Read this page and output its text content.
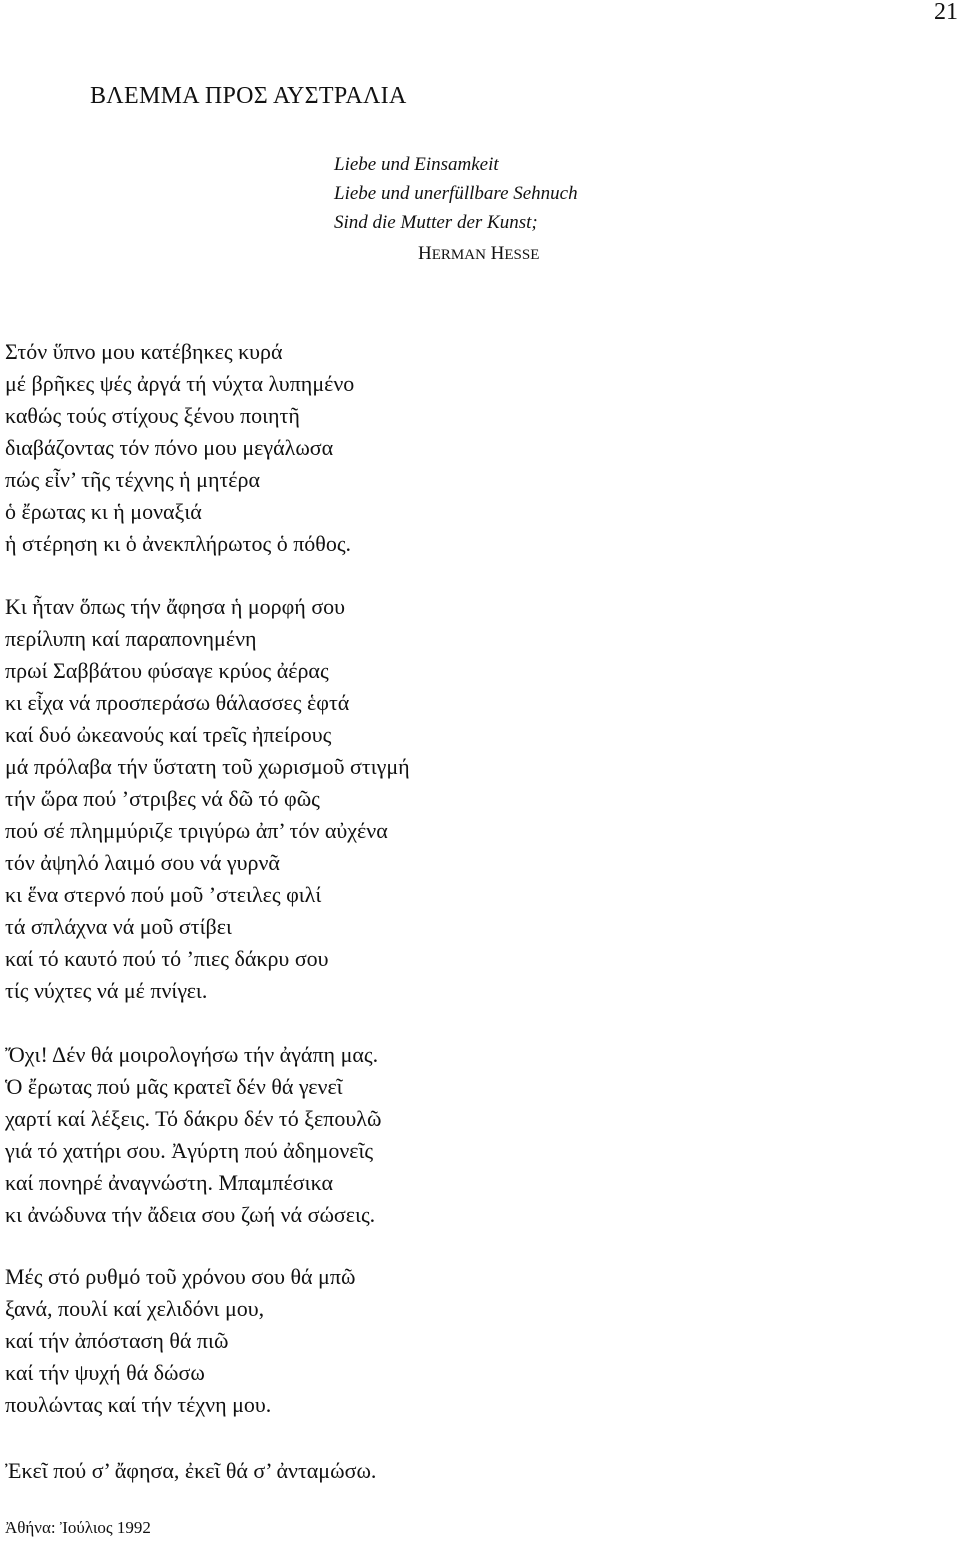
21
ΒΛΕΜΜΑ ΠΡΟΣ ΑΥΣΤΡΑΛΙΑ
Liebe und Einsamkeit
Liebe und unerfüllbare Sehnuch
Sind die Mutter der Kunst;
HERMAN HESSE
Στόν ὕπνο μου κατέβηκες κυρά
μέ βρῆκες ψές ἀργά τή νύχτα λυπημένο
καθώς τούς στίχους ξένου ποιητῆ
διαβάζοντας τόν πόνο μου μεγάλωσα
πώς εἶν’ τῆς τέχνης ἡ μητέρα
ὁ ἔρωτας κι ἡ μοναξιά
ἡ στέρηση κι ὁ ἀνεκπλήρωτος ὁ πόθος.
Κι ἦταν ὅπως τήν ἄφησα ἡ μορφή σου
περίλυπη καί παραπονημένη
πρωί Σαββάτου φύσαγε κρύος ἀέρας
κι εἶχα νά προσπεράσω θάλασσες ἑφτά
καί δυό ὠκεανούς καί τρεῖς ἠπείρους
μά πρόλαβα τήν ὕστατη τοῦ χωρισμοῦ στιγμή
τήν ὥρα πού ’στριβες νά δῶ τό φῶς
πού σέ πλημμύριζε τριγύρω ἀπ’ τόν αὐχένα
τόν ἀψηλό λαιμό σου νά γυρνᾶ
κι ἕνα στερνό πού μοῦ ’στειλες φιλί
τά σπλάχνα νά μοῦ στίβει
καί τό καυτό πού τό ’πιες δάκρυ σου
τίς νύχτες νά μέ πνίγει.
Ὄχι! Δέν θά μοιρολογήσω τήν ἀγάπη μας.
Ὁ ἔρωτας πού μᾶς κρατεῖ δέν θά γενεῖ
χαρτί καί λέξεις. Τό δάκρυ δέν τό ξεπουλῶ
γιά τό χατήρι σου. Ἀγύρτη πού ἀδημονεῖς
καί πονηρέ ἀναγνώστη. Μπαμπέσικα
κι ἀνώδυνα τήν ἄδεια σου ζωή νά σώσεις.
Μές στό ρυθμό τοῦ χρόνου σου θά μπῶ
ξανά, πουλί καί χελιδόνι μου,
καί τήν ἀπόσταση θά πιῶ
καί τήν ψυχή θά δώσω
πουλώντας καί τήν τέχνη μου.
Ἐκεῖ πού σ’ ἄφησα, ἐκεῖ θά σ’ ἀνταμώσω.
Ἀθήνα: Ἰούλιος 1992
